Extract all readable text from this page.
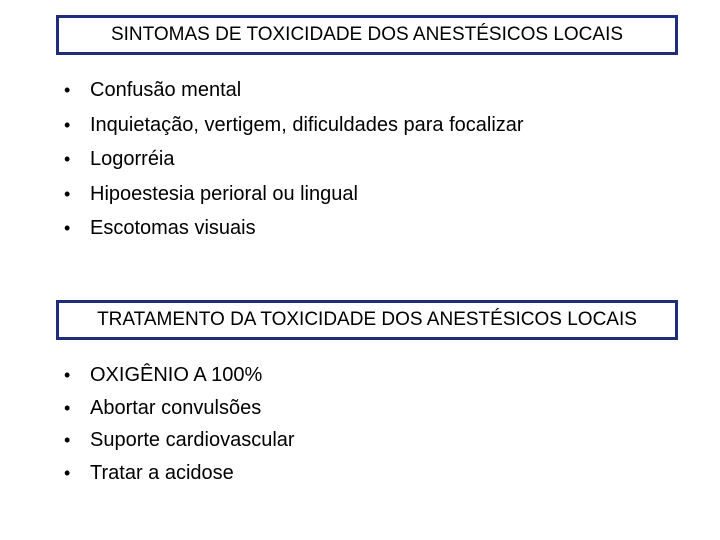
SINTOMAS DE TOXICIDADE DOS ANESTÉSICOS LOCAIS
• Confusão mental
• Inquietação, vertigem, dificuldades para focalizar
• Logorréia
• Hipoestesia perioral ou lingual
• Escotomas visuais
TRATAMENTO DA TOXICIDADE DOS ANESTÉSICOS LOCAIS
• OXIGÊNIO A 100%
• Abortar convulsões
• Suporte cardiovascular
• Tratar a acidose
